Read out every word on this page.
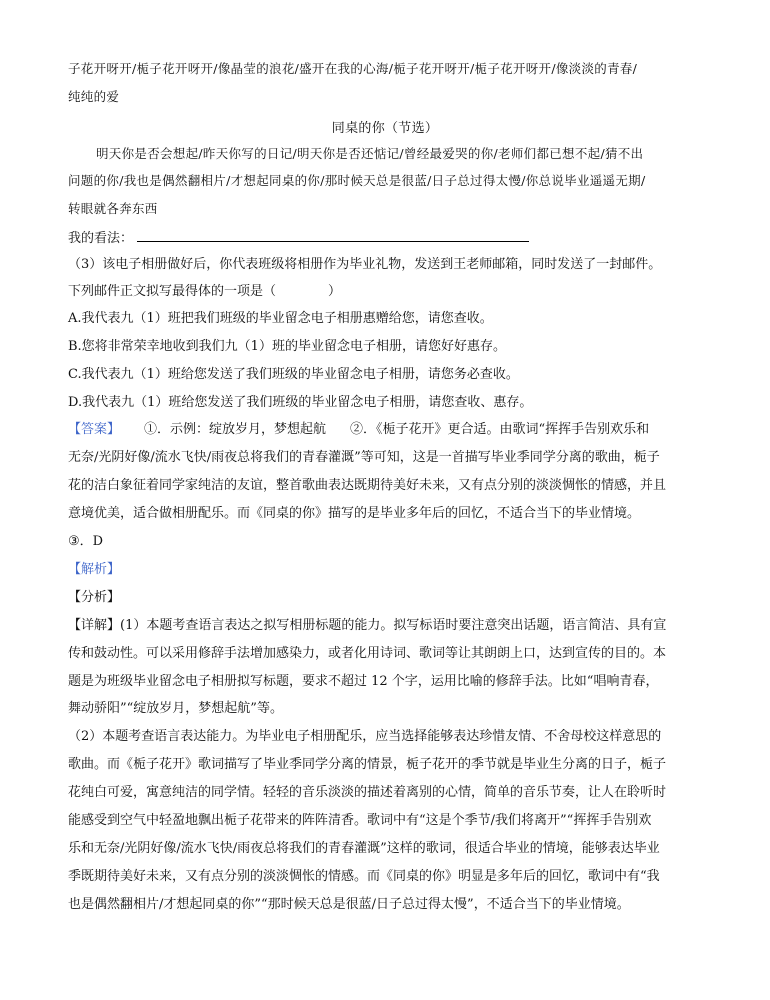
子花开呀开/栀子花开呀开/像晶莹的浪花/盛开在我的心海/栀子花开呀开/栀子花开呀开/像淡淡的青春/
纯纯的爱
同桌的你（节选）
明天你是否会想起/昨天你写的日记/明天你是否还惦记/曾经最爱哭的你/老师们都已想不起/猜不出
问题的你/我也是偶然翻相片/才想起同桌的你/那时候天总是很蓝/日子总过得太慢/你总说毕业遥遥无期/
转眼就各奔东西
我的看法：
（3）该电子相册做好后，你代表班级将相册作为毕业礼物，发送到王老师邮箱，同时发送了一封邮件。
下列邮件正文拟写最得体的一项是（	）
A.我代表九（1）班把我们班级的毕业留念电子相册惠赠给您，请您查收。
B.您将非常荣幸地收到我们九（1）班的毕业留念电子相册，请您好好惠存。
C.我代表九（1）班给您发送了我们班级的毕业留念电子相册，请您务必查收。
D.我代表九（1）班给您发送了我们班级的毕业留念电子相册，请您查收、惠存。
【答案】 ①．示例：绽放岁月，梦想起航 ②．《栀子花开》更合适。由歌词“挥挥手告别欢乐和
无奈/光阴好像/流水飞快/雨夜总将我们的青春灌溉”等可知，这是一首描写毕业季同学分离的歌曲，栀子
花的洁白象征着同学家纯洁的友谊，整首歌曲表达既期待美好未来，又有点分别的淡淡惆怅的情感，并且
意境优美，适合做相册配乐。而《同桌的你》描写的是毕业多年后的回忆，不适合当下的毕业情境。
③．D
【解析】
【分析】
【详解】(1）本题考查语言表达之拟写相册标题的能力。拟写标语时要注意突出话题，语言简洁、具有宣
传和鼓动性。可以采用修辞手法增加感染力，或者化用诗词、歌词等让其朗朗上口，达到宣传的目的。本
题是为班级毕业留念电子相册拟写标题，要求不超过 12 个字，运用比喻的修辞手法。比如“唱响青春，
舞动骄阳”“绽放岁月，梦想起航”等。
（2）本题考查语言表达能力。为毕业电子相册配乐，应当选择能够表达珍惜友情、不舍母校这样意思的
歌曲。而《栀子花开》歌词描写了毕业季同学分离的情景，栀子花开的季节就是毕业生分离的日子，栀子
花纯白可爱，寓意纯洁的同学情。轻轻的音乐淡淡的描述着离别的心情，简单的音乐节奏，让人在聆听时
能感受到空气中轻盈地飘出栀子花带来的阵阵清香。歌词中有“这是个季节/我们将离开”“挥挥手告别欢
乐和无奈/光阴好像/流水飞快/雨夜总将我们的青春灌溉”这样的歌词，很适合毕业的情境，能够表达毕业
季既期待美好未来，又有点分别的淡淡惆怅的情感。而《同桌的你》明显是多年后的回忆，歌词中有“我
也是偶然翻相片/才想起同桌的你”“那时候天总是很蓝/日子总过得太慢”，不适合当下的毕业情境。
